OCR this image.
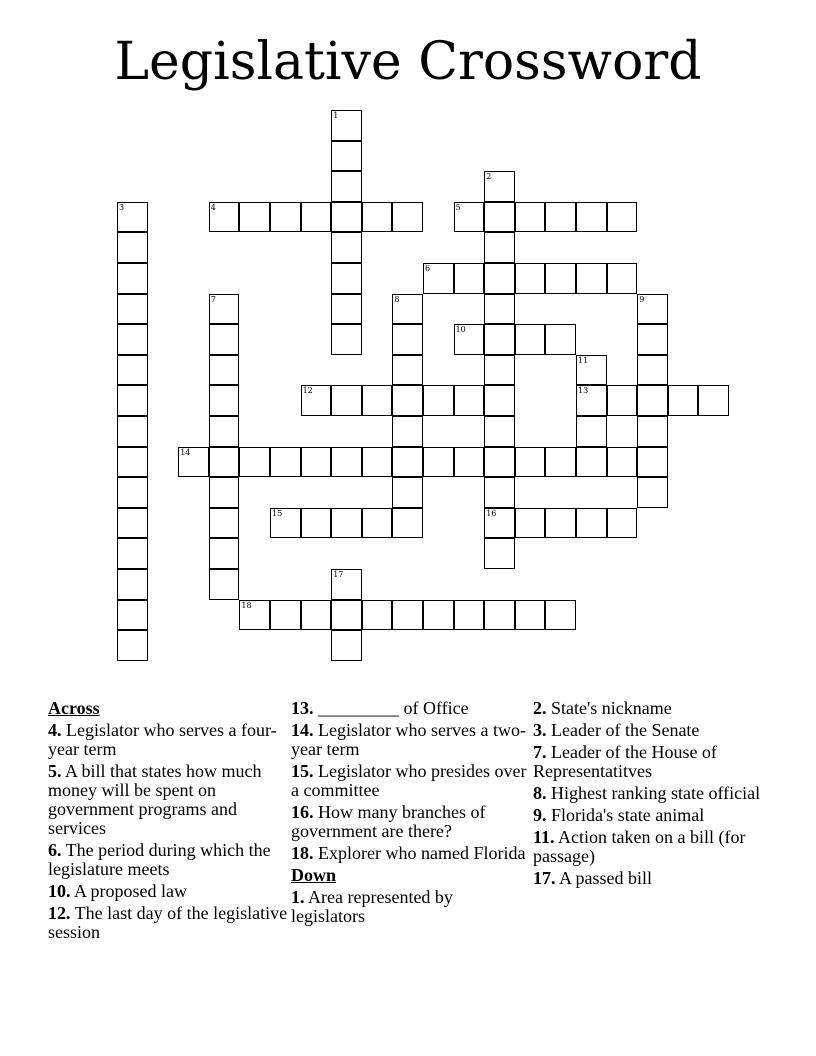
Legislative Crossword
1
2
16
3	4	5
6
7	8	9
10
11
13
12
14
15
17
18
Across
4. Legislator who serves a four-year term
5. A bill that states how much money will be spent on government programs and services
6. The period during which the legislature meets
10. A proposed law
12. The last day of the legislative session
13. _________ of Office
14. Legislator who serves a two-year term
15. Legislator who presides over a committee
16. How many branches of government are there?
18. Explorer who named Florida
Down
1. Area represented by legislators
2. State's nickname
3. Leader of the Senate
7. Leader of the House of Representatitves
8. Highest ranking state official
9. Florida's state animal
11. Action taken on a bill (for passage)
17. A passed bill
